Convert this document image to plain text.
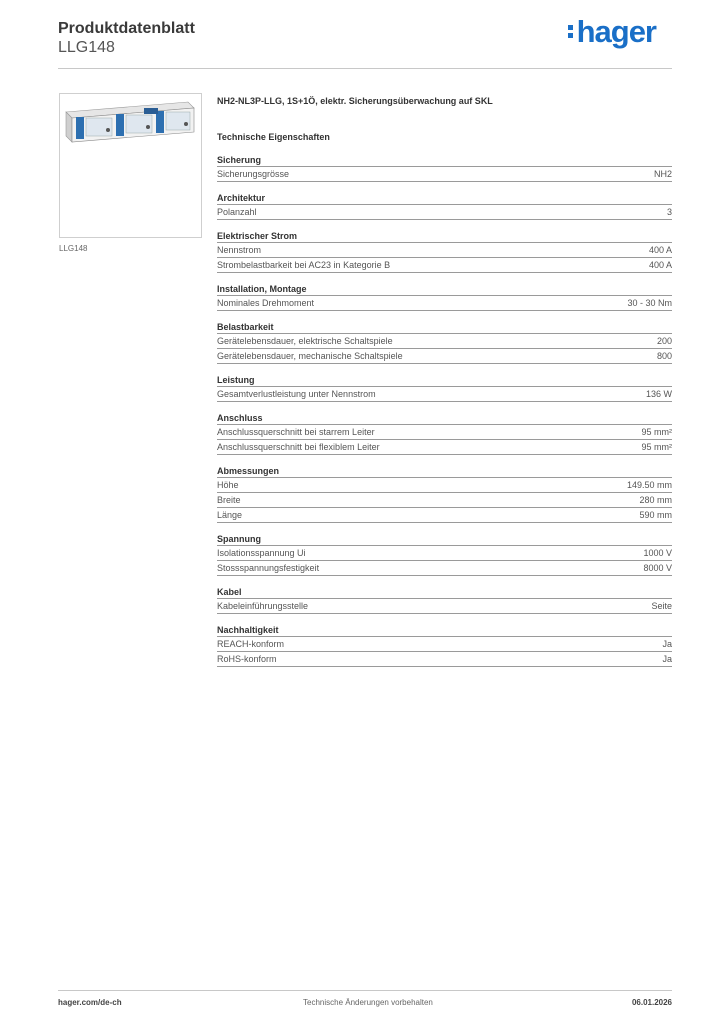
Produktdatenblatt
LLG148	hager
LLG148
NH2-NL3P-LLG, 1S+1Ö, elektr. Sicherungsüberwachung auf SKL
Technische Eigenschaften
Sicherung
Sicherungsgrösse	NH2
Architektur
Polanzahl	3
Elektrischer Strom
Nennstrom	400 A
Strombelastbarkeit bei AC23 in Kategorie B	400 A
Installation, Montage
Nominales Drehmoment	30 - 30 Nm
Belastbarkeit
Gerätelebensdauer, elektrische Schaltspiele	200
Gerätelebensdauer, mechanische Schaltspiele	800
Leistung
Gesamtverlustleistung unter Nennstrom	136 W
Anschluss
Anschlussquerschnitt bei starrem Leiter	95 mm²
Anschlussquerschnitt bei flexiblem Leiter	95 mm²
Abmessungen
Höhe	149.50 mm
Breite	280 mm
Länge	590 mm
Spannung
Isolationsspannung Ui	1000 V
Stossspannungsfestigkeit	8000 V
Kabel
Kabeleinführungsstelle	Seite
Nachhaltigkeit
REACH-konform	Ja
RoHS-konform	Ja
hager.com/de-ch	Technische Änderungen vorbehalten	06.01.2026
